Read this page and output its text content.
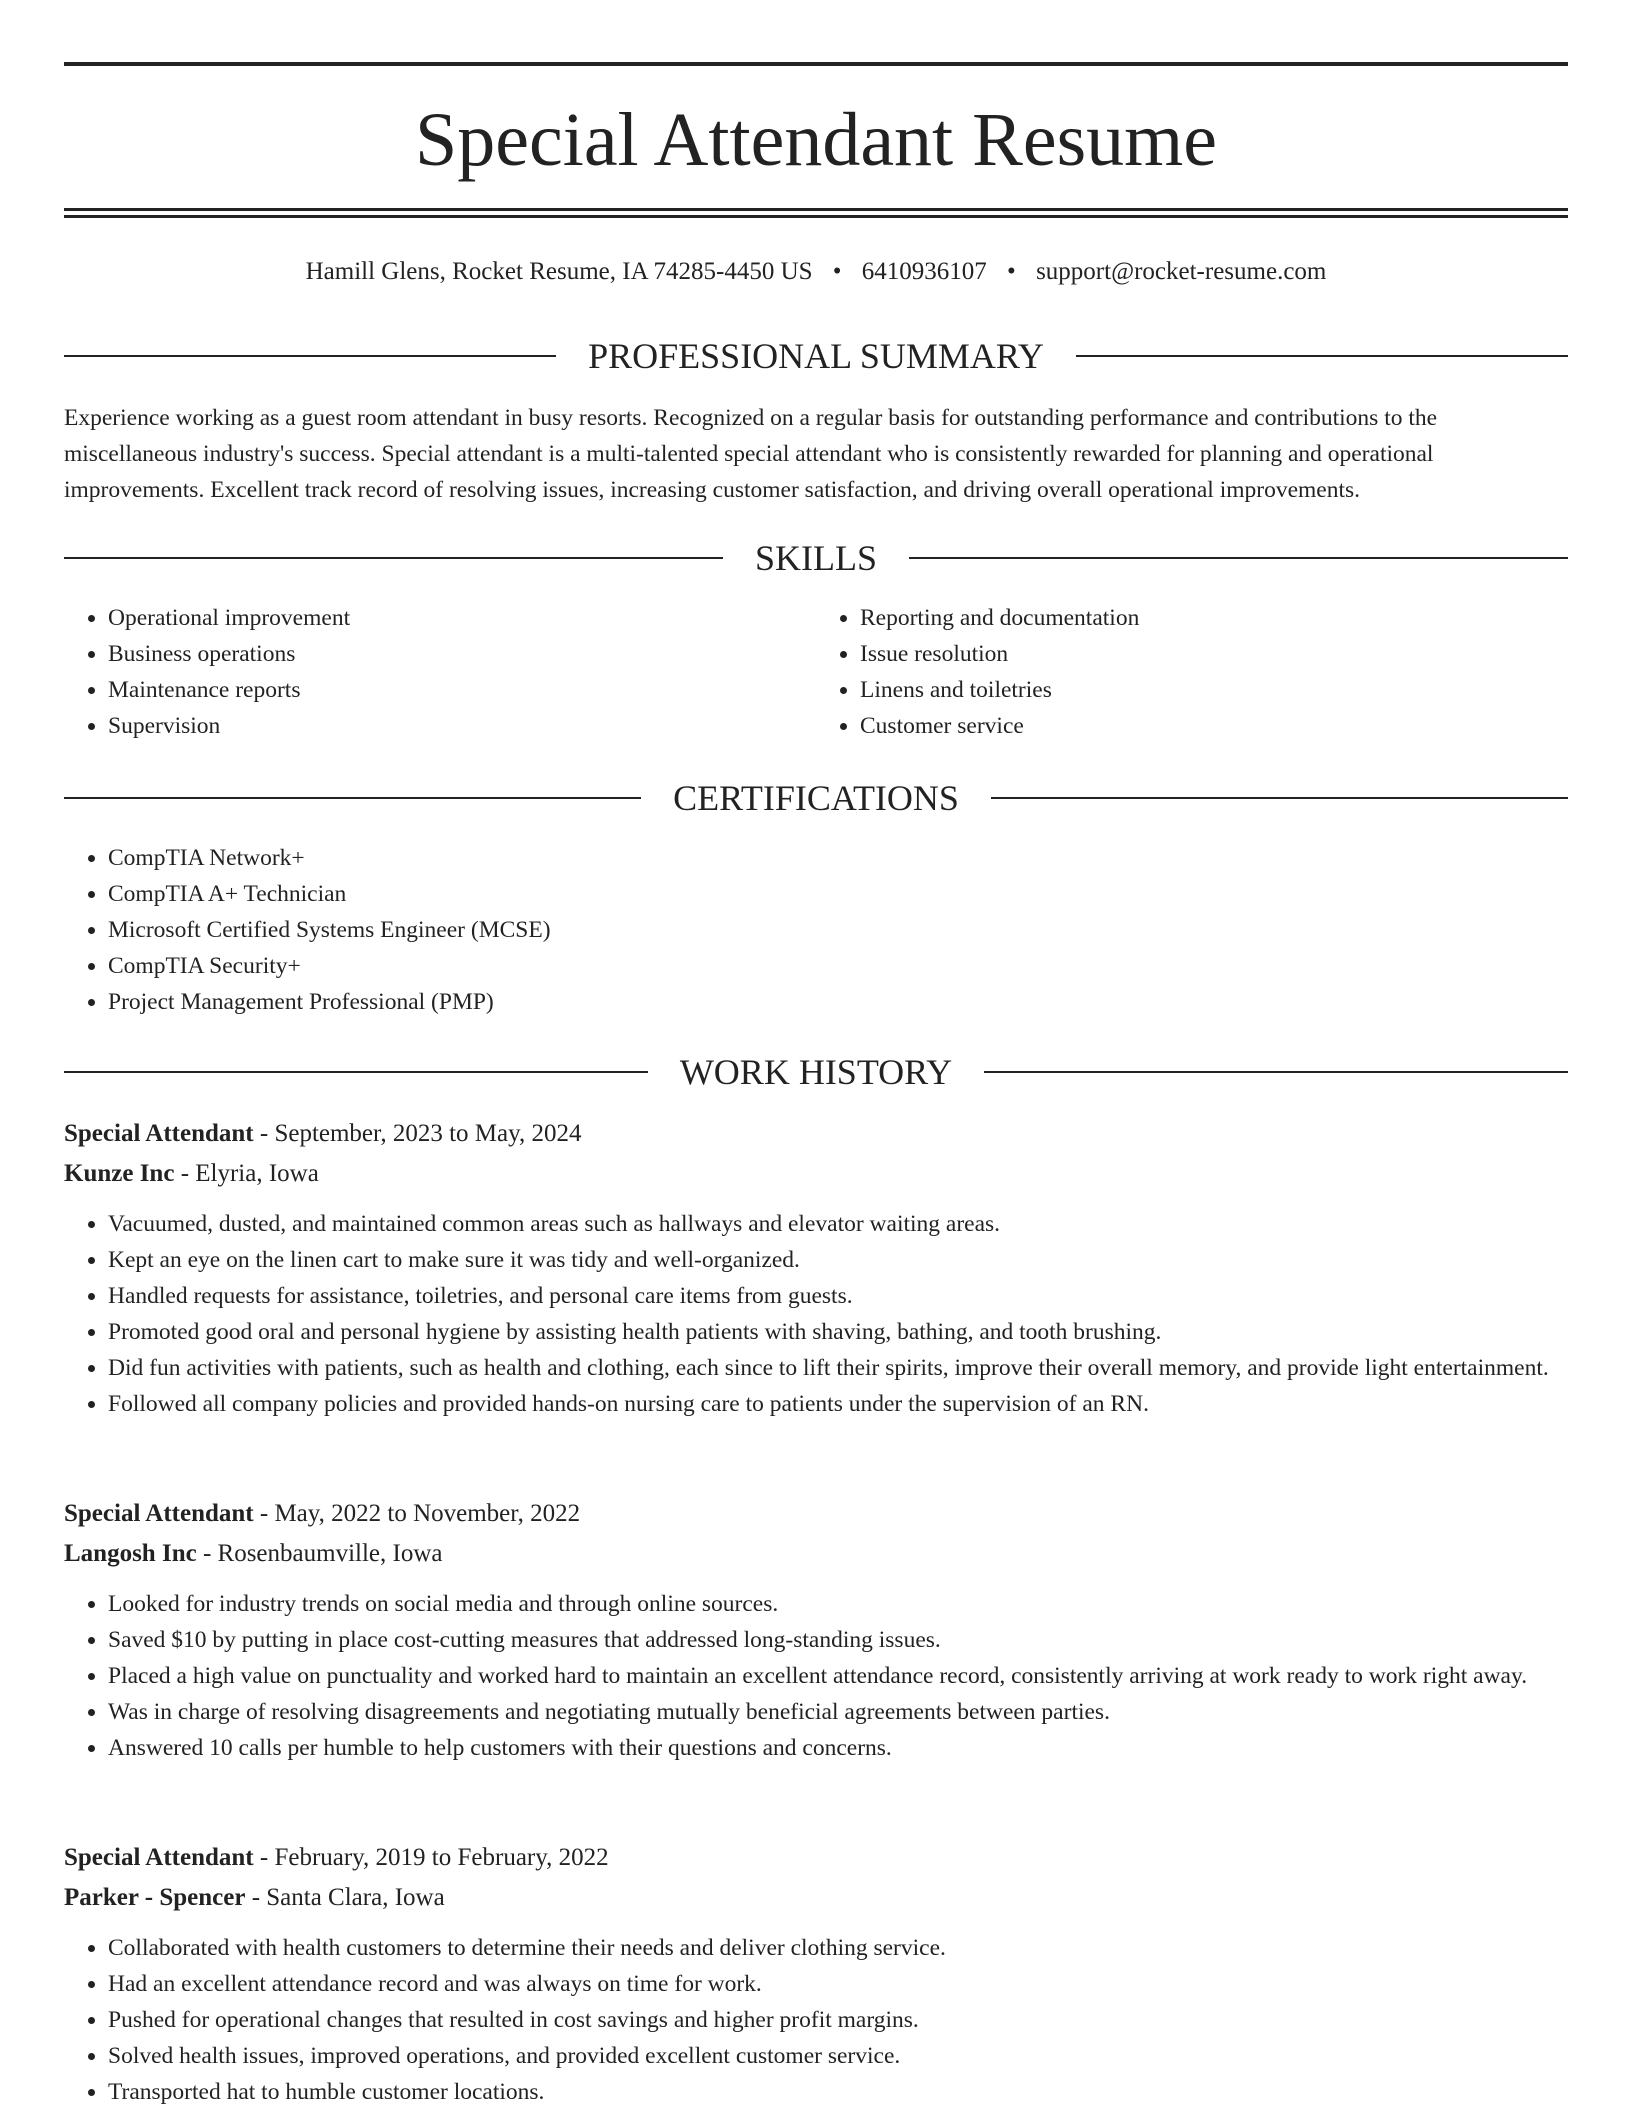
Special Attendant Resume
Hamill Glens, Rocket Resume, IA 74285-4450 US • 6410936107 • support@rocket-resume.com
PROFESSIONAL SUMMARY

Experience working as a guest room attendant in busy resorts. Recognized on a regular basis for outstanding performance and contributions to the miscellaneous industry's success. Special attendant is a multi-talented special attendant who is consistently rewarded for planning and operational improvements. Excellent track record of resolving issues, increasing customer satisfaction, and driving overall operational improvements.

SKILLS
• Operational improvement
• Business operations
• Maintenance reports
• Supervision
• Reporting and documentation
• Issue resolution
• Linens and toiletries
• Customer service
CERTIFICATIONS
• CompTIA Network+
• CompTIA A+ Technician
• Microsoft Certified Systems Engineer (MCSE)
• CompTIA Security+
• Project Management Professional (PMP)
WORK HISTORY
Special Attendant - September, 2023 to May, 2024
Kunze Inc - Elyria, Iowa
• Vacuumed, dusted, and maintained common areas such as hallways and elevator waiting areas.
• Kept an eye on the linen cart to make sure it was tidy and well-organized.
• Handled requests for assistance, toiletries, and personal care items from guests.
• Promoted good oral and personal hygiene by assisting health patients with shaving, bathing, and tooth brushing.
• Did fun activities with patients, such as health and clothing, each since to lift their spirits, improve their overall memory, and provide light entertainment.
• Followed all company policies and provided hands-on nursing care to patients under the supervision of an RN.
Special Attendant - May, 2022 to November, 2022
Langosh Inc - Rosenbaumville, Iowa
• Looked for industry trends on social media and through online sources.
• Saved $10 by putting in place cost-cutting measures that addressed long-standing issues.
• Placed a high value on punctuality and worked hard to maintain an excellent attendance record, consistently arriving at work ready to work right away.
• Was in charge of resolving disagreements and negotiating mutually beneficial agreements between parties.
• Answered 10 calls per humble to help customers with their questions and concerns.
Special Attendant - February, 2019 to February, 2022
Parker - Spencer - Santa Clara, Iowa
• Collaborated with health customers to determine their needs and deliver clothing service.
• Had an excellent attendance record and was always on time for work.
• Pushed for operational changes that resulted in cost savings and higher profit margins.
• Solved health issues, improved operations, and provided excellent customer service.
• Transported hat to humble customer locations.
